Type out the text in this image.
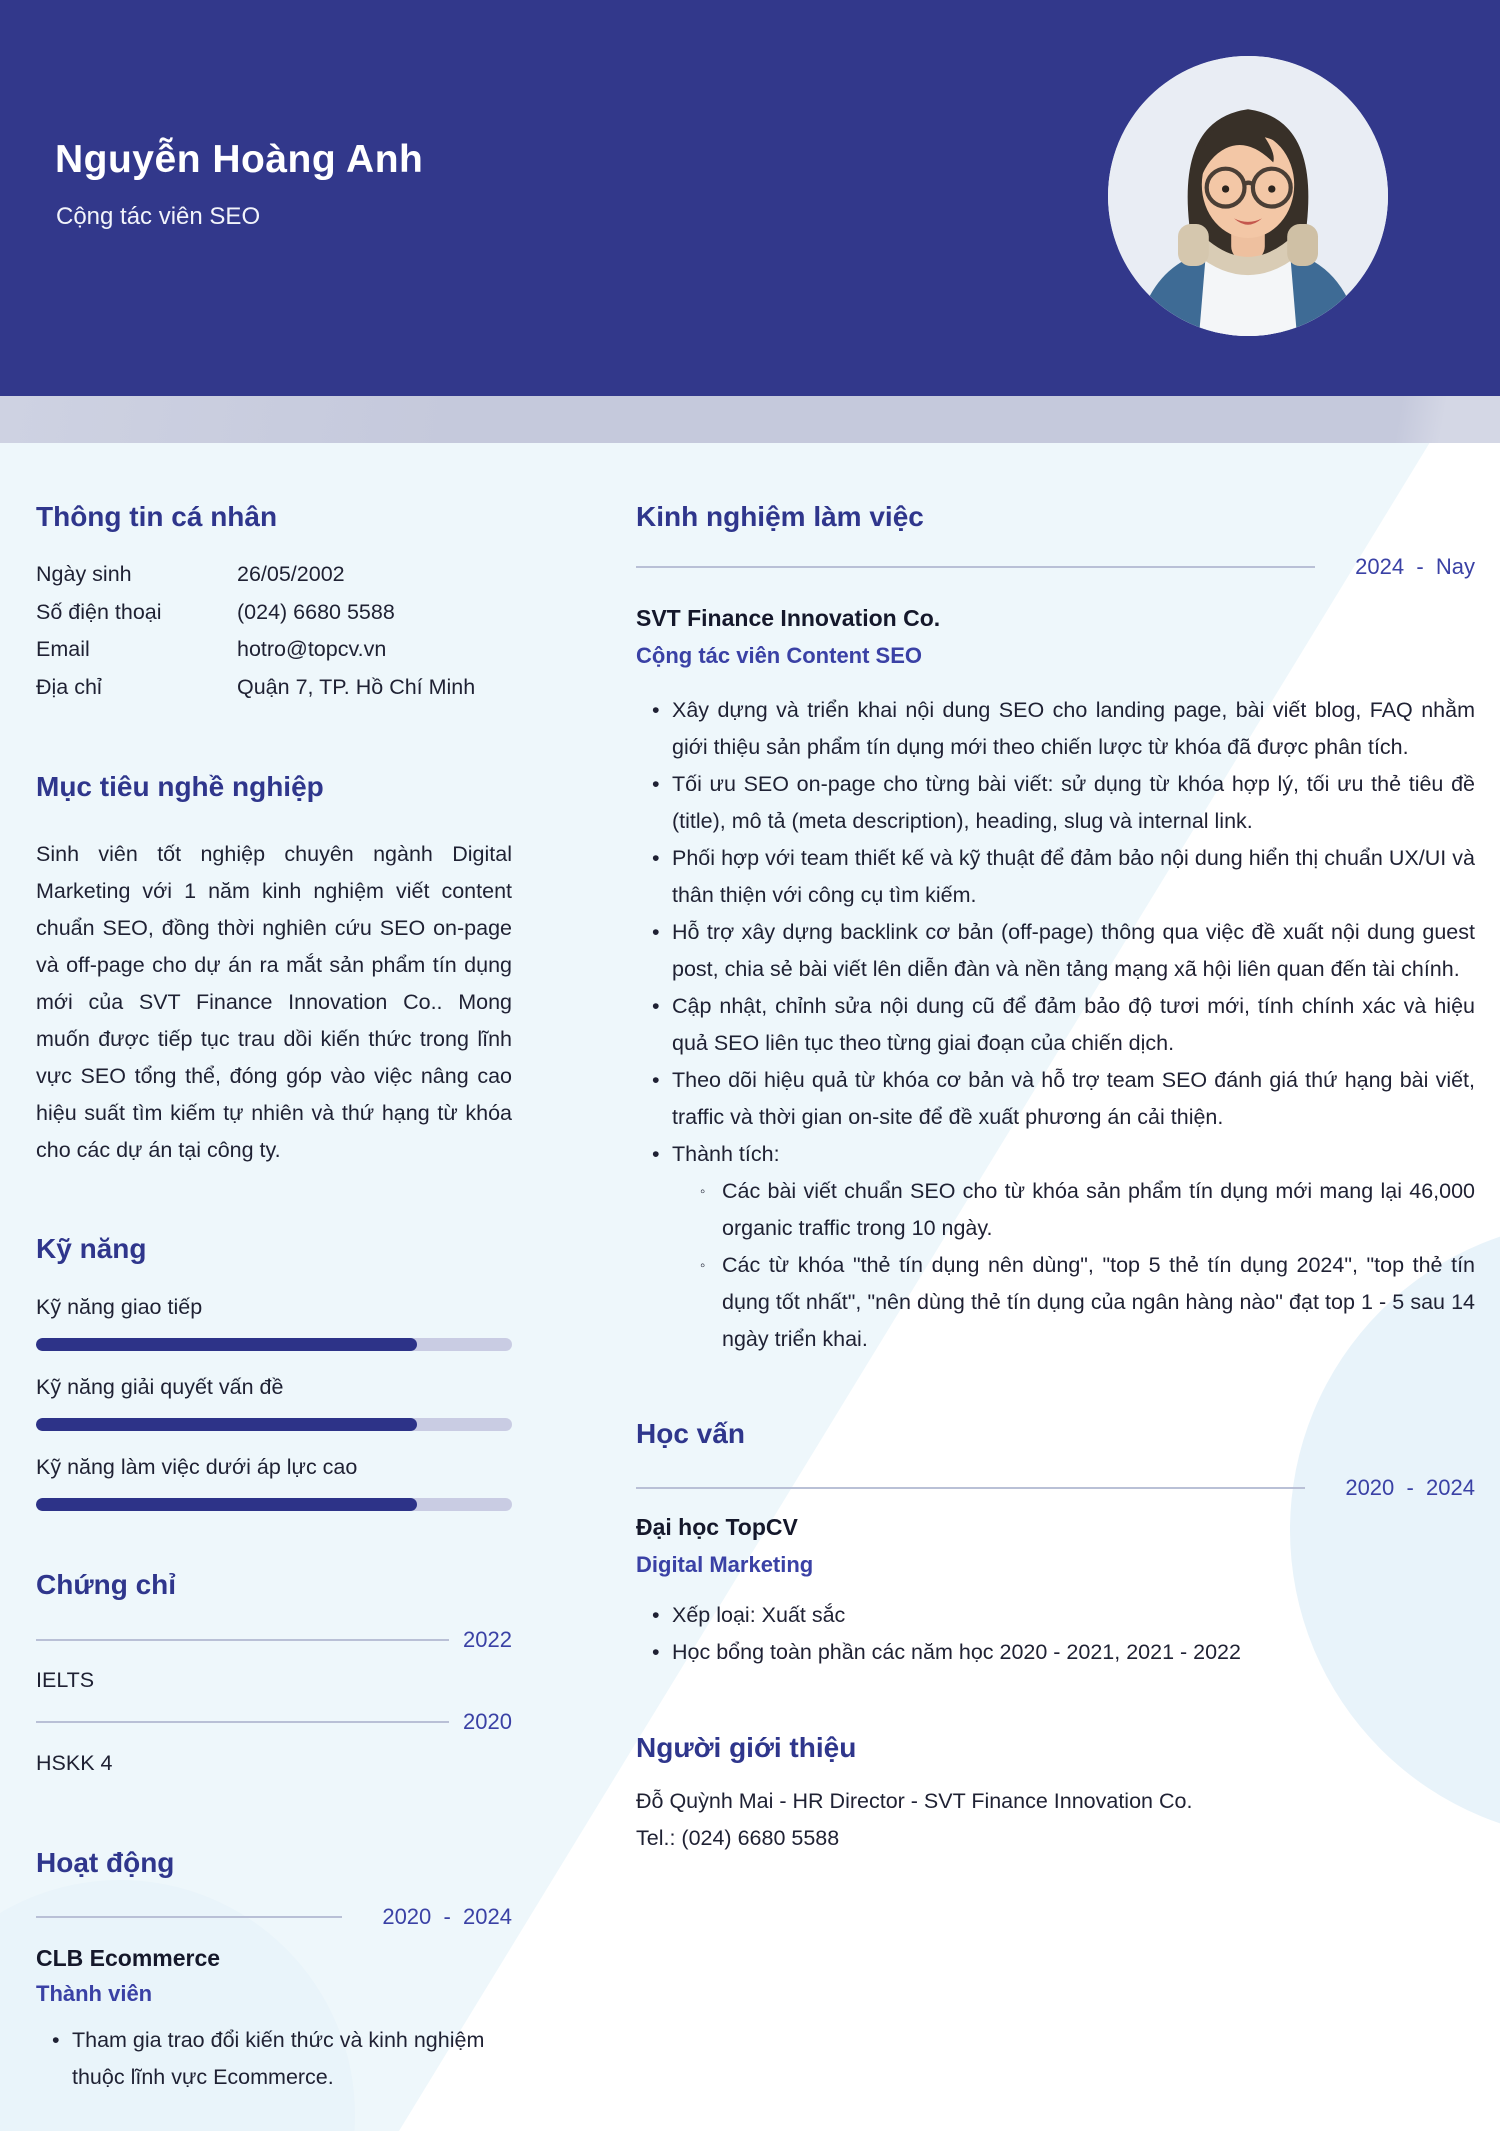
Nguyễn Hoàng Anh
Cộng tác viên SEO
Thông tin cá nhân
Ngày sinh	26/05/2002
Số điện thoại	(024) 6680 5588
Email	hotro@topcv.vn
Địa chỉ	Quận 7, TP. Hồ Chí Minh
Mục tiêu nghề nghiệp

Sinh viên tốt nghiệp chuyên ngành Digital Marketing với 1 năm kinh nghiệm viết content chuẩn SEO, đồng thời nghiên cứu SEO on-page và off-page cho dự án ra mắt sản phẩm tín dụng mới của SVT Finance Innovation Co.. Mong muốn được tiếp tục trau dồi kiến thức trong lĩnh vực SEO tổng thể, đóng góp vào việc nâng cao hiệu suất tìm kiếm tự nhiên và thứ hạng từ khóa cho các dự án tại công ty.

Kỹ năng
Kỹ năng giao tiếp
Kỹ năng giải quyết vấn đề
Kỹ năng làm việc dưới áp lực cao
Chứng chỉ
2022
IELTS
2020
HSKK 4
Hoạt động
2020  -  2024
CLB Ecommerce
Thành viên
• Tham gia trao đổi kiến thức và kinh nghiệm thuộc lĩnh vực Ecommerce.
Kinh nghiệm làm việc
2024  -  Nay
SVT Finance Innovation Co.
Cộng tác viên Content SEO
• Xây dựng và triển khai nội dung SEO cho landing page, bài viết blog, FAQ nhằm giới thiệu sản phẩm tín dụng mới theo chiến lược từ khóa đã được phân tích.
• Tối ưu SEO on-page cho từng bài viết: sử dụng từ khóa hợp lý, tối ưu thẻ tiêu đề (title), mô tả (meta description), heading, slug và internal link.
• Phối hợp với team thiết kế và kỹ thuật để đảm bảo nội dung hiển thị chuẩn UX/UI và thân thiện với công cụ tìm kiếm.
• Hỗ trợ xây dựng backlink cơ bản (off-page) thông qua việc đề xuất nội dung guest post, chia sẻ bài viết lên diễn đàn và nền tảng mạng xã hội liên quan đến tài chính.
• Cập nhật, chỉnh sửa nội dung cũ để đảm bảo độ tươi mới, tính chính xác và hiệu quả SEO liên tục theo từng giai đoạn của chiến dịch.
• Theo dõi hiệu quả từ khóa cơ bản và hỗ trợ team SEO đánh giá thứ hạng bài viết, traffic và thời gian on-site để đề xuất phương án cải thiện.
• Thành tích:
◦ Các bài viết chuẩn SEO cho từ khóa sản phẩm tín dụng mới mang lại 46,000 organic traffic trong 10 ngày.
◦ Các từ khóa "thẻ tín dụng nên dùng", "top 5 thẻ tín dụng 2024", "top thẻ tín dụng tốt nhất", "nên dùng thẻ tín dụng của ngân hàng nào" đạt top 1 - 5 sau 14 ngày triển khai.
Học vấn
2020  -  2024
Đại học TopCV
Digital Marketing
• Xếp loại: Xuất sắc
• Học bổng toàn phần các năm học 2020 - 2021, 2021 - 2022
Người giới thiệu
Đỗ Quỳnh Mai - HR Director - SVT Finance Innovation Co.
Tel.: (024) 6680 5588
